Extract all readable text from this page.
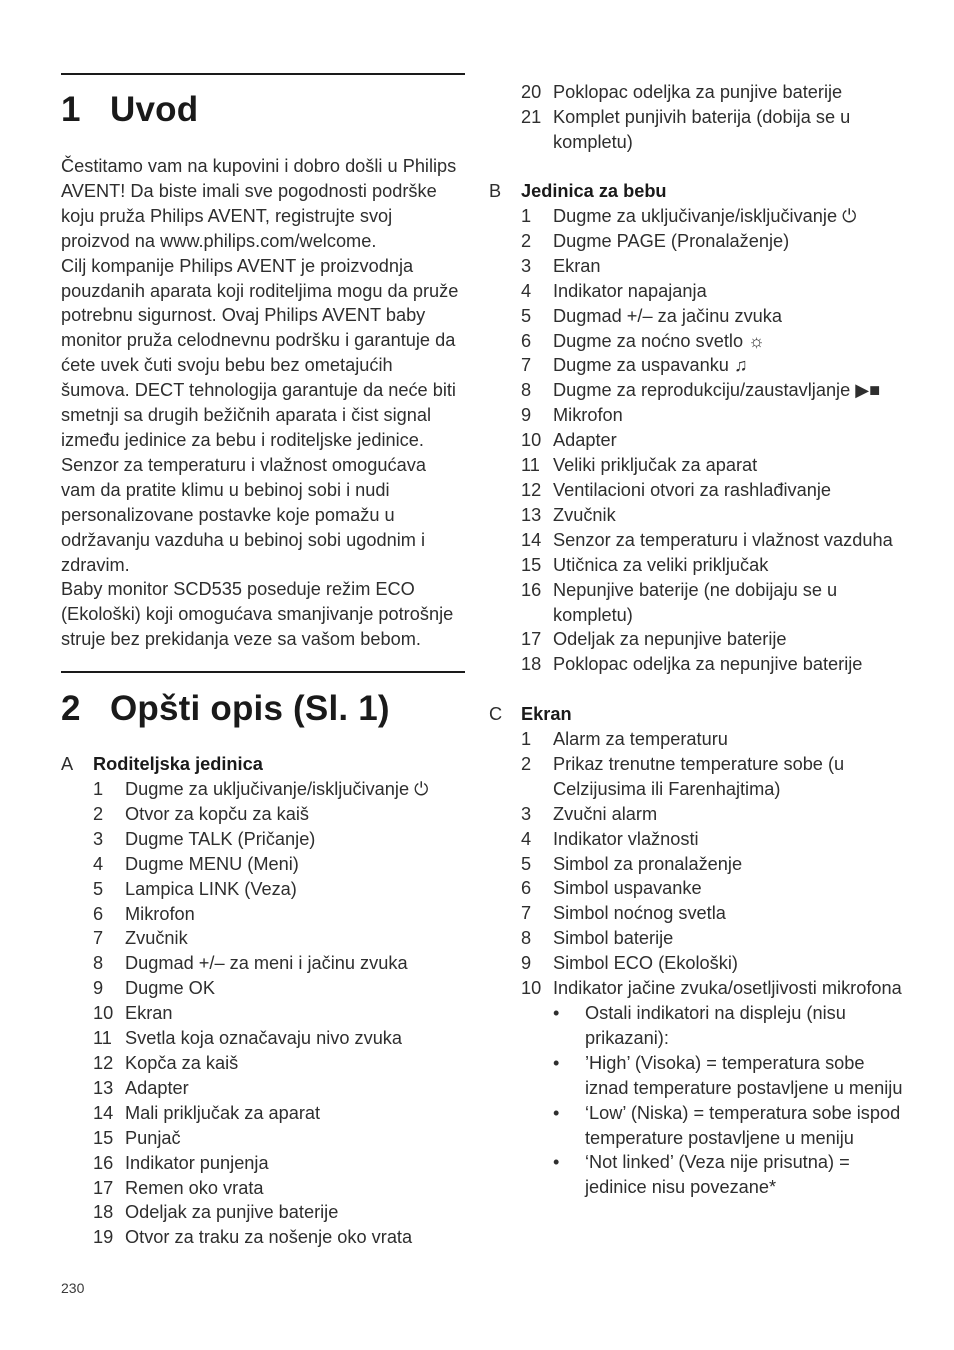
1 Uvod

Čestitamo vam na kupovini i dobro došli u Philips AVENT! Da biste imali sve pogodnosti podrške koju pruža Philips AVENT, registrujte svoj proizvod na www.philips.com/welcome.

Cilj kompanije Philips AVENT je proizvodnja pouzdanih aparata koji roditeljima mogu da pruže potrebnu sigurnost. Ovaj Philips AVENT baby monitor pruža celodnevnu podršku i garantuje da ćete uvek čuti svoju bebu bez ometajućih šumova. DECT tehnologija garantuje da neće biti smetnji sa drugih bežičnih aparata i čist signal između jedinice za bebu i roditeljske jedinice. Senzor za temperaturu i vlažnost omogućava vam da pratite klimu u bebinoj sobi i nudi personalizovane postavke koje pomažu u održavanju vazduha u bebinoj sobi ugodnim i zdravim.

Baby monitor SCD535 poseduje režim ECO (Ekološki) koji omogućava smanjivanje potrošnje struje bez prekidanja veze sa vašom bebom.

2 Opšti opis (Sl. 1)
A Roditeljska jedinica
1 Dugme za uključivanje/isključivanje ⏻
2 Otvor za kopču za kaiš
3 Dugme TALK (Pričanje)
4 Dugme MENU (Meni)
5 Lampica LINK (Veza)
6 Mikrofon
7 Zvučnik
8 Dugmad +/– za meni i jačinu zvuka
9 Dugme OK
10 Ekran
11 Svetla koja označavaju nivo zvuka
12 Kopča za kaiš
13 Adapter
14 Mali priključak za aparat
15 Punjač
16 Indikator punjenja
17 Remen oko vrata
18 Odeljak za punjive baterije
19 Otvor za traku za nošenje oko vrata
230
20 Poklopac odeljka za punjive baterije
21 Komplet punjivih baterija (dobija se u kompletu)
B Jedinica za bebu
1 Dugme za uključivanje/isključivanje ⏻
2 Dugme PAGE (Pronalaženje)
3 Ekran
4 Indikator napajanja
5 Dugmad +/– za jačinu zvuka
6 Dugme za noćno svetlo ☼
7 Dugme za uspavanku ♫
8 Dugme za reprodukciju/zaustavljanje ▶■
9 Mikrofon
10 Adapter
11 Veliki priključak za aparat
12 Ventilacioni otvori za rashlađivanje
13 Zvučnik
14 Senzor za temperaturu i vlažnost vazduha
15 Utičnica za veliki priključak
16 Nepunjive baterije (ne dobijaju se u kompletu)
17 Odeljak za nepunjive baterije
18 Poklopac odeljka za nepunjive baterije
C Ekran
1 Alarm za temperaturu
2 Prikaz trenutne temperature sobe (u Celzijusima ili Farenhajtima)
3 Zvučni alarm
4 Indikator vlažnosti
5 Simbol za pronalaženje
6 Simbol uspavanke
7 Simbol noćnog svetla
8 Simbol baterije
9 Simbol ECO (Ekološki)
10 Indikator jačine zvuka/osetljivosti mikrofona
• Ostali indikatori na displeju (nisu prikazani):
• ’High’ (Visoka) = temperatura sobe iznad temperature postavljene u meniju
• ‘Low’ (Niska) = temperatura sobe ispod temperature postavljene u meniju
• ‘Not linked’ (Veza nije prisutna) = jedinice nisu povezane*
